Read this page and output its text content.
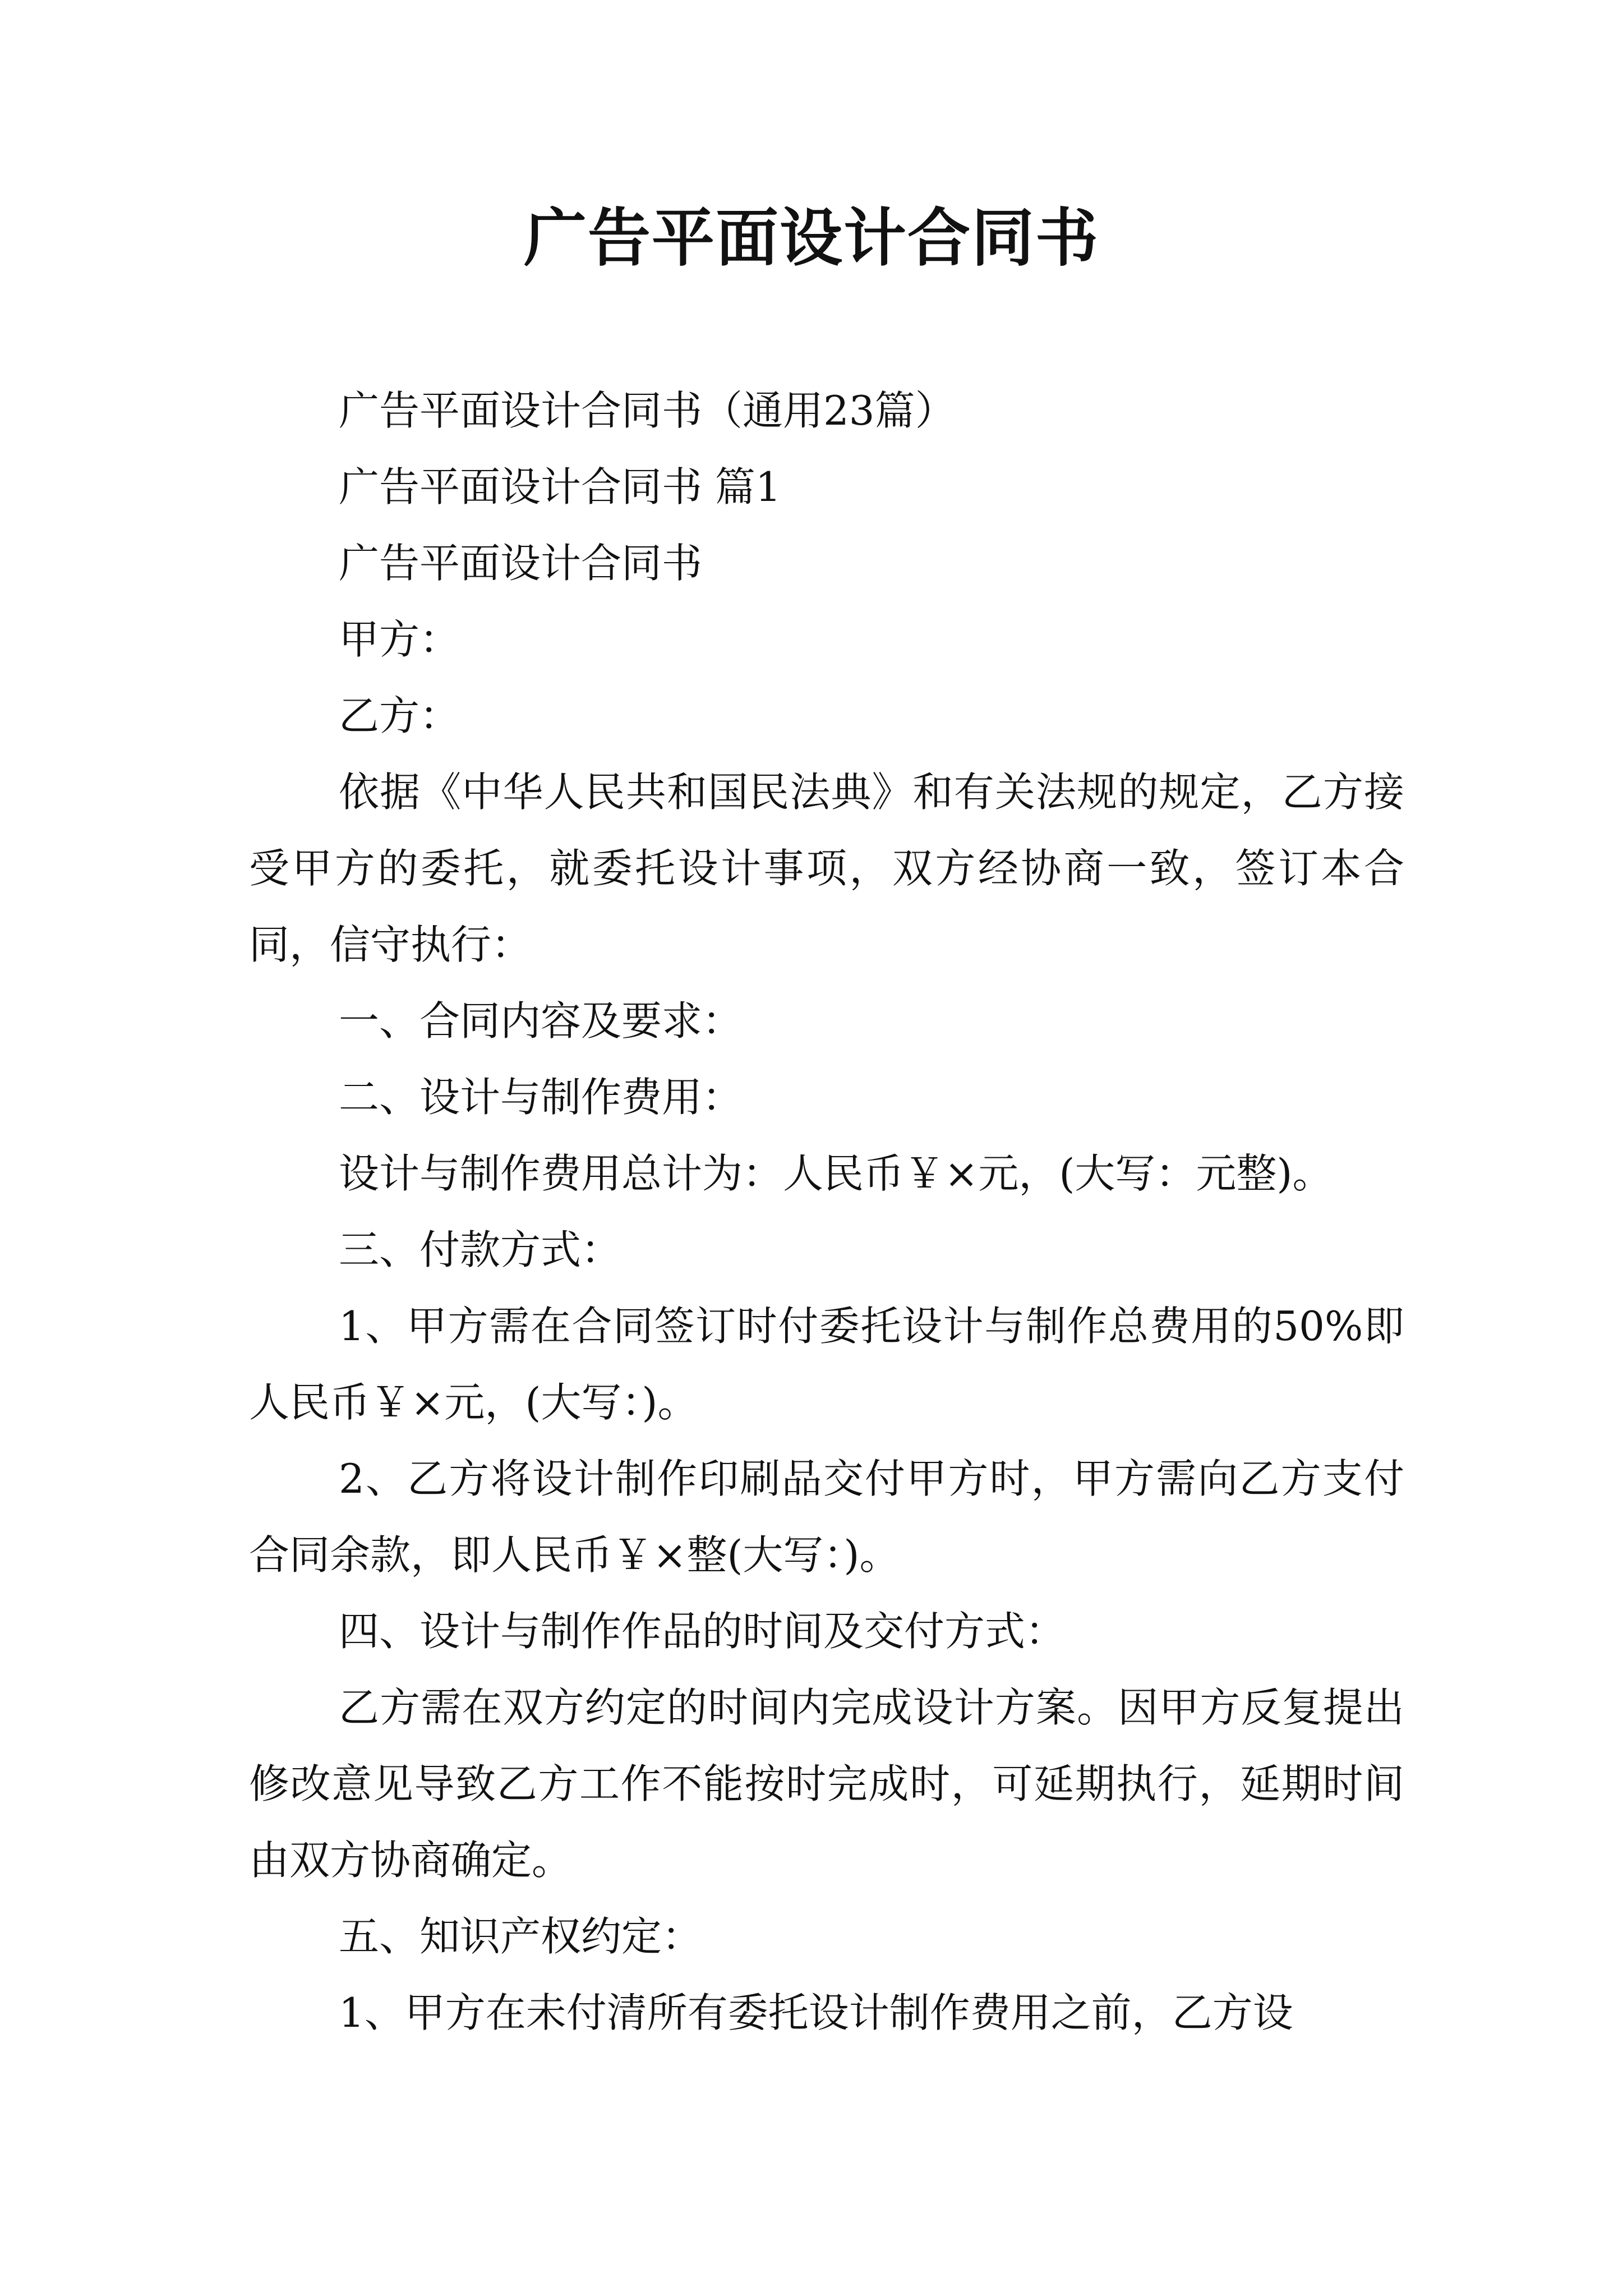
广告平面设计合同书

广告平面设计合同书（通用23篇）

广告平面设计合同书 篇1

广告平面设计合同书

甲方：

乙方：

依据《中华人民共和国民法典》和有关法规的规定，乙方接受甲方的委托，就委托设计事项，双方经协商一致，签订本合同，信守执行：

一、合同内容及要求：

二、设计与制作费用：

设计与制作费用总计为：人民币￥×元，(大写：元整)。

三、付款方式：

1、甲方需在合同签订时付委托设计与制作总费用的50%即人民币￥×元，(大写：)。

2、乙方将设计制作印刷品交付甲方时，甲方需向乙方支付合同余款，即人民币￥×整(大写：)。

四、设计与制作作品的时间及交付方式：

乙方需在双方约定的时间内完成设计方案。因甲方反复提出修改意见导致乙方工作不能按时完成时，可延期执行，延期时间由双方协商确定。

五、知识产权约定：

1、甲方在未付清所有委托设计制作费用之前，乙方设
